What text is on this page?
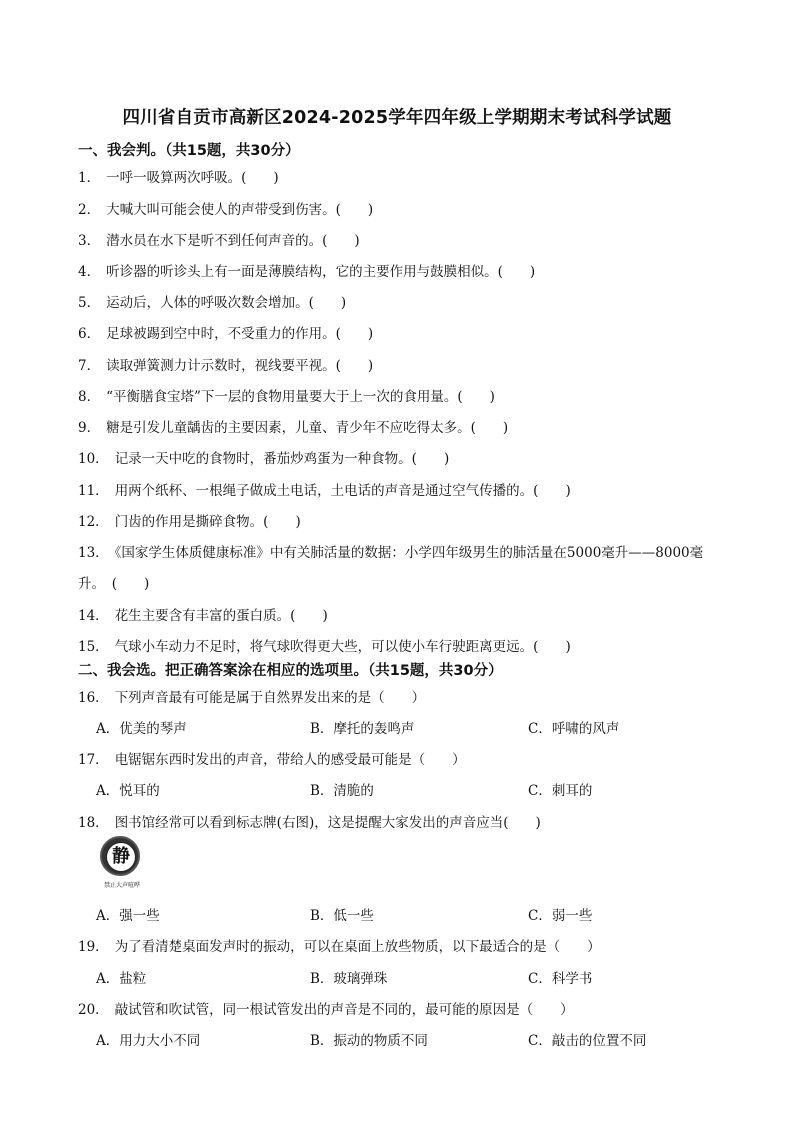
四川省自贡市高新区2024-2025学年四年级上学期期末考试科学试题
一、我会判。（共15题，共30分）
1． 一呼一吸算两次呼吸。(　　)
2． 大喊大叫可能会使人的声带受到伤害。(　　)
3． 潜水员在水下是听不到任何声音的。(　　)
4． 听诊器的听诊头上有一面是薄膜结构，它的主要作用与鼓膜相似。(　　)
5． 运动后，人体的呼吸次数会增加。(　　)
6． 足球被踢到空中时，不受重力的作用。(　　)
7． 读取弹簧测力计示数时，视线要平视。(　　)
8． “平衡膳食宝塔”下一层的食物用量要大于上一次的食用量。(　　)
9． 糖是引发儿童龋齿的主要因素，儿童、青少年不应吃得太多。(　　)
10． 记录一天中吃的食物时，番茄炒鸡蛋为一种食物。(　　)
11． 用两个纸杯、一根绳子做成土电话，土电话的声音是通过空气传播的。(　　)
12． 门齿的作用是撕碎食物。(　　)
13． 《国家学生体质健康标准》中有关肺活量的数据：小学四年级男生的肺活量在5000毫升——8000毫
升。　(　　)
14． 花生主要含有丰富的蛋白质。(　　)
15． 气球小车动力不足时，将气球吹得更大些，可以使小车行驶距离更远。(　　)
二、我会选。把正确答案涂在相应的选项里。（共15题，共30分）
16． 下列声音最有可能是属于自然界发出来的是（　　）
A．优美的琴声	B．摩托的轰鸣声	C．呼啸的风声
17． 电锯锯东西时发出的声音，带给人的感受最可能是（　　）
A．悦耳的	B．清脆的	C．刺耳的
18． 图书馆经常可以看到标志牌(右图)，这是提醒大家发出的声音应当(　　)
静
禁止大声喧哗
A．强一些	B．低一些	C．弱一些
19． 为了看清楚桌面发声时的振动，可以在桌面上放些物质，以下最适合的是（　　）
A．盐粒	B．玻璃弹珠	C．科学书
20． 敲试管和吹试管，同一根试管发出的声音是不同的，最可能的原因是（　　）
A．用力大小不同	B．振动的物质不同	C．敲击的位置不同
